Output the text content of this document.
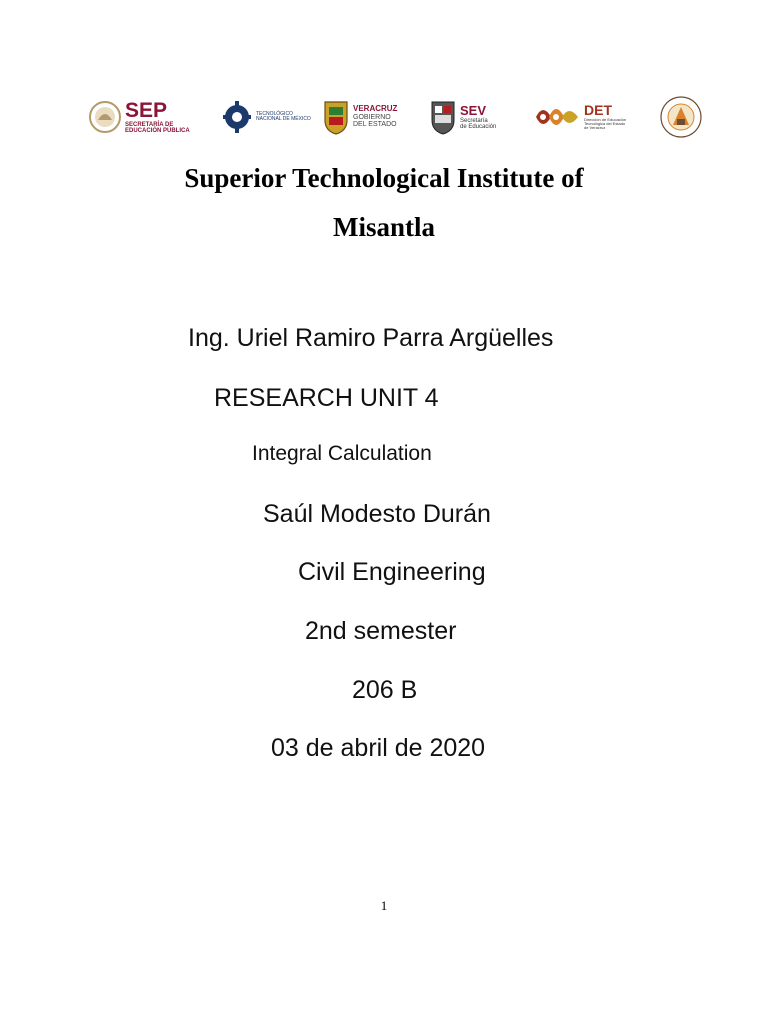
SEP
SECRETARÍA DE
EDUCACIÓN PÚBLICA
TECNOLÓGICO
NACIONAL DE MÉXICO
VERACRUZ
GOBIERNO
DEL ESTADO
SEV
Secretaría
de Educación
DET
Dirección de Educación
Tecnológica del Estado
de Veracruz
Superior Technological Institute of
Misantla
Ing. Uriel Ramiro Parra Argüelles
RESEARCH UNIT 4
Integral Calculation
Saúl Modesto Durán
Civil Engineering
2nd semester
206 B
03 de abril de 2020
1
